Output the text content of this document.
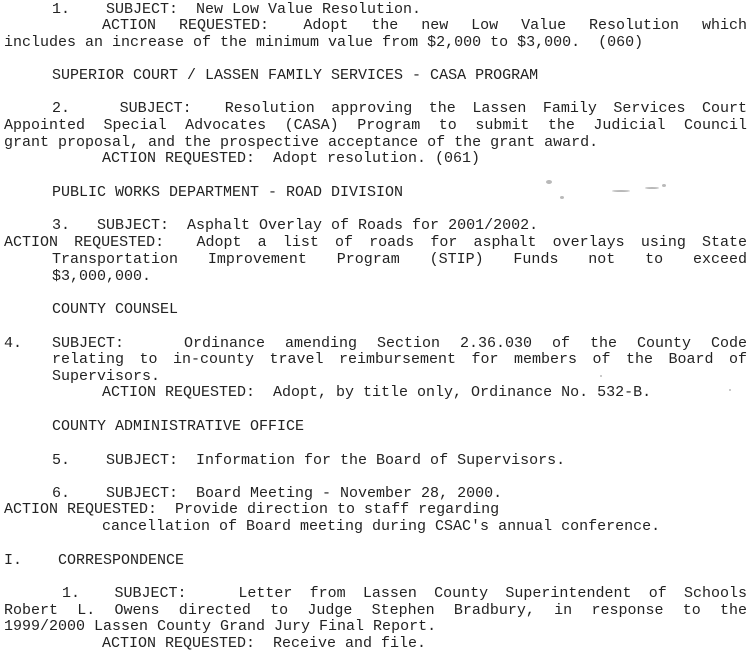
1.    SUBJECT:  New Low Value Resolution.
ACTION  REQUESTED:   Adopt  the  new  Low  Value  Resolution  which
includes an increase of the minimum value from $2,000 to $3,000.  (060)
SUPERIOR COURT / LASSEN FAMILY SERVICES - CASA PROGRAM
2.   SUBJECT:  Resolution approving the Lassen Family Services Court
Appointed Special Advocates (CASA) Program to submit the Judicial Council
grant proposal, and the prospective acceptance of the grant award.
ACTION REQUESTED:  Adopt resolution. (061)
PUBLIC WORKS DEPARTMENT - ROAD DIVISION
3.   SUBJECT:  Asphalt Overlay of Roads for 2001/2002.
ACTION REQUESTED:  Adopt a list of roads for asphalt overlays using State
Transportation  Improvement  Program  (STIP)  Funds  not  to  exceed
$3,000,000.
COUNTY COUNSEL
4. SUBJECT:   Ordinance amending Section 2.36.030 of the County Code
relating to in-county travel reimbursement for members of the Board of
Supervisors.
ACTION REQUESTED:  Adopt, by title only, Ordinance No. 532-B.
COUNTY ADMINISTRATIVE OFFICE
5.    SUBJECT:  Information for the Board of Supervisors.
6.    SUBJECT:  Board Meeting - November 28, 2000.
ACTION REQUESTED:  Provide direction to staff regarding
cancellation of Board meeting during CSAC's annual conference.
I.    CORRESPONDENCE
1.  SUBJECT:   Letter from Lassen County Superintendent of Schools
Robert L. Owens directed to Judge Stephen Bradbury, in response to the
1999/2000 Lassen County Grand Jury Final Report.
ACTION REQUESTED:  Receive and file.
